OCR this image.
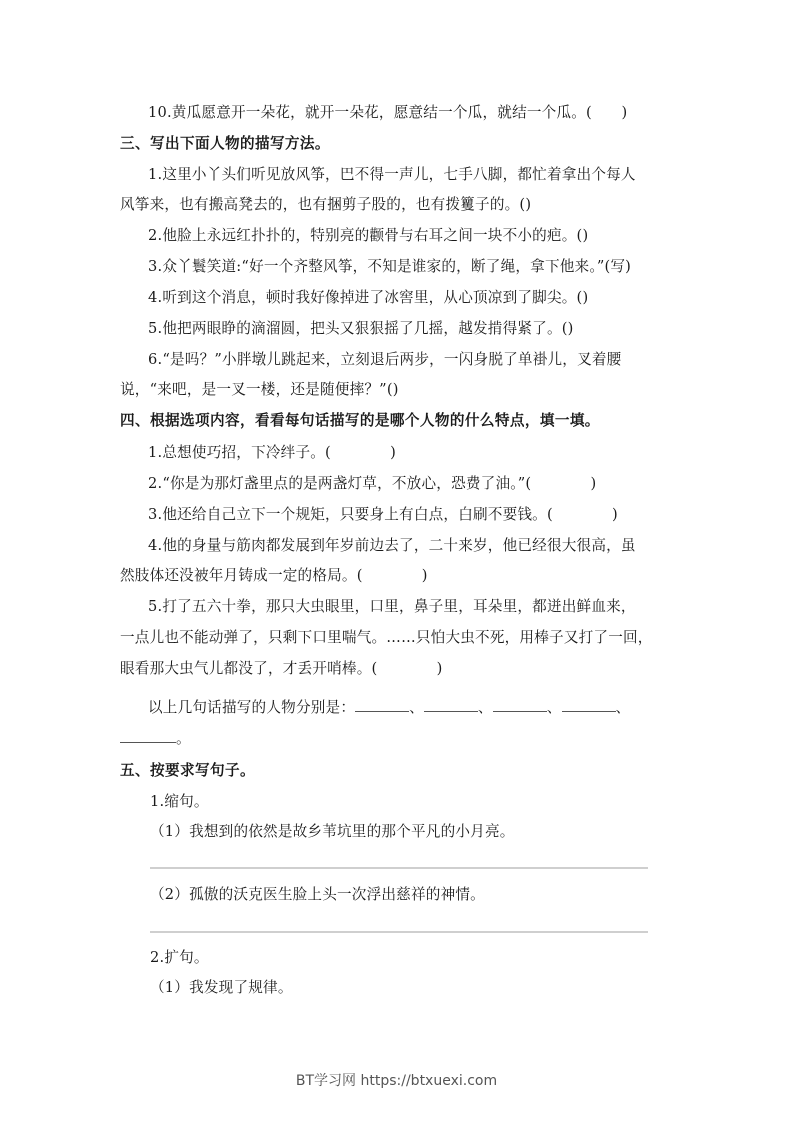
10.黄瓜愿意开一朵花，就开一朵花，愿意结一个瓜，就结一个瓜。(　　)
三、写出下面人物的描写方法。
1.这里小丫头们听见放风筝，巴不得一声儿，七手八脚，都忙着拿出个每人
风筝来，也有搬高凳去的，也有捆剪子股的，也有拨籰子的。()
2.他脸上永远红扑扑的，特别亮的颧骨与右耳之间一块不小的疤。()
3.众丫鬟笑道:“好一个齐整风筝，不知是谁家的，断了绳，拿下他来。”(写)
4.听到这个消息，顿时我好像掉进了冰窖里，从心顶凉到了脚尖。()
5.他把两眼睁的滴溜圆，把头又狠狠摇了几摇，越发掯得紧了。()
6.“是吗？”小胖墩儿跳起来，立刻退后两步，一闪身脱了单褂儿，叉着腰
说，“来吧，是一叉一楼，还是随便摔？”()
四、根据选项内容，看看每句话描写的是哪个人物的什么特点，填一填。
1.总想使巧招，下冷绊子。(　　　　)
2.“你是为那灯盏里点的是两盏灯草，不放心，恐费了油。”(　　　　)
3.他还给自己立下一个规矩，只要身上有白点，白刷不要钱。(　　　　)
4.他的身量与筋肉都发展到年岁前边去了，二十来岁，他已经很大很高，虽
然肢体还没被年月铸成一定的格局。(　　　　)
5.打了五六十拳，那只大虫眼里，口里，鼻子里，耳朵里，都迸出鲜血来，
一点儿也不能动弹了，只剩下口里喘气。……只怕大虫不死，用棒子又打了一回，
眼看那大虫气儿都没了，才丢开哨棒。(　　　　)
以上几句话描写的人物分别是：	、	、	、	、
。
五、按要求写句子。
1.缩句。
（1）我想到的依然是故乡苇坑里的那个平凡的小月亮。
（2）孤傲的沃克医生脸上头一次浮出慈祥的神情。
2.扩句。
（1）我发现了规律。
BT学习网 https://btxuexi.com
